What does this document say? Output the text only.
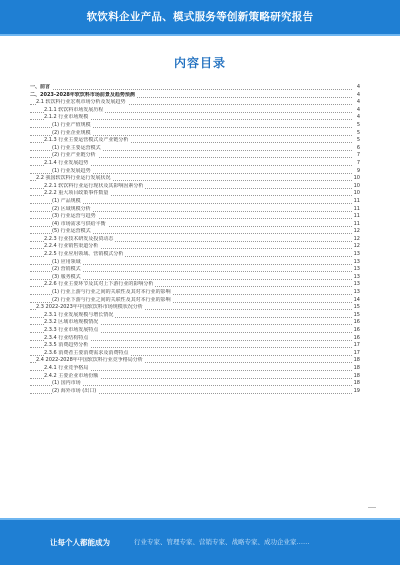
软饮料企业产品、模式服务等创新策略研究报告
内容目录
一、前言	4
二、2023-2028年软饮料市场前景及趋势预测	4
2.1 软饮料行业宏观市场分析及发展趋势	4
2.1.1 软饮料市场发展历程	4
2.1.2 行业市场规模	4
(1) 行业产值规模	5
(2) 行业企业规模	5
2.1.3 行业主要运营模式及产业链分析	5
(1) 行业主要运营模式	6
(2) 行业产业链分析	7
2.1.4 行业发展趋势	7
(1) 行业发展趋势	9
2.2 我国软饮料行业运行发展状况	10
2.2.1 软饮料行业运行现状及其影响因素分析	10
2.2.2 重大项目政策事件数量	10
(1) 产品规模	11
(2) 区域规模分析	11
(3) 行业运营与趋势	11
(4) 市场需求与供给平衡	11
(5) 行业运营模式	12
2.2.3 行业技术研发及投资动态	12
2.2.4 行业销售渠道分析	12
2.2.5 行业应用领域、营销模式分析	13
(1) 应用领域	13
(2) 营销模式	13
(3) 服务模式	13
2.2.6 行业主要环节及其对上下游行业的影响分析	13
(1) 行业上游与行业之间的关联性及其对本行业的影响	13
(2) 行业下游与行业之间的关联性及其对本行业的影响	14
2.3 2022-2023年中国软饮料市场规模状况分析	15
2.3.1 行业发展规模与增长情况	15
2.3.2 区域市场规模情况	16
2.3.3 行业市场发展特点	16
2.3.4 行业结构特点	16
2.3.5 消费趋势分析	17
2.3.6 消费者主要消费需求及消费特点	17
2.4 2022-2028年中国软饮料行业竞争格局分析	18
2.4.1 行业竞争格局	18
2.4.2 主要企业市场份额	18
(1) 国内市场	18
(2) 海外市场 (出口)	19
让每个人都能成为	行业专家、管理专家、营销专家、战略专家、成功企业家……
